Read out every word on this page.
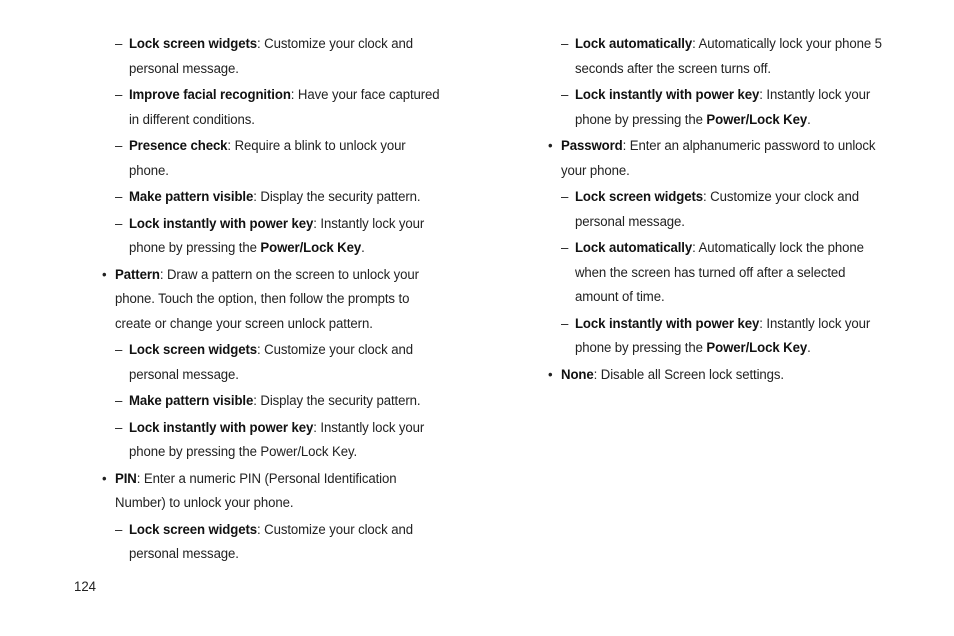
– Lock screen widgets: Customize your clock and personal message.
– Improve facial recognition: Have your face captured in different conditions.
– Presence check: Require a blink to unlock your phone.
– Make pattern visible: Display the security pattern.
– Lock instantly with power key: Instantly lock your phone by pressing the Power/Lock Key.
• Pattern: Draw a pattern on the screen to unlock your phone. Touch the option, then follow the prompts to create or change your screen unlock pattern.
– Lock screen widgets: Customize your clock and personal message.
– Make pattern visible: Display the security pattern.
– Lock instantly with power key: Instantly lock your phone by pressing the Power/Lock Key.
• PIN: Enter a numeric PIN (Personal Identification Number) to unlock your phone.
– Lock screen widgets: Customize your clock and personal message.
– Lock automatically: Automatically lock your phone 5 seconds after the screen turns off.
– Lock instantly with power key: Instantly lock your phone by pressing the Power/Lock Key.
• Password: Enter an alphanumeric password to unlock your phone.
– Lock screen widgets: Customize your clock and personal message.
– Lock automatically: Automatically lock the phone when the screen has turned off after a selected amount of time.
– Lock instantly with power key: Instantly lock your phone by pressing the Power/Lock Key.
• None: Disable all Screen lock settings.
124
